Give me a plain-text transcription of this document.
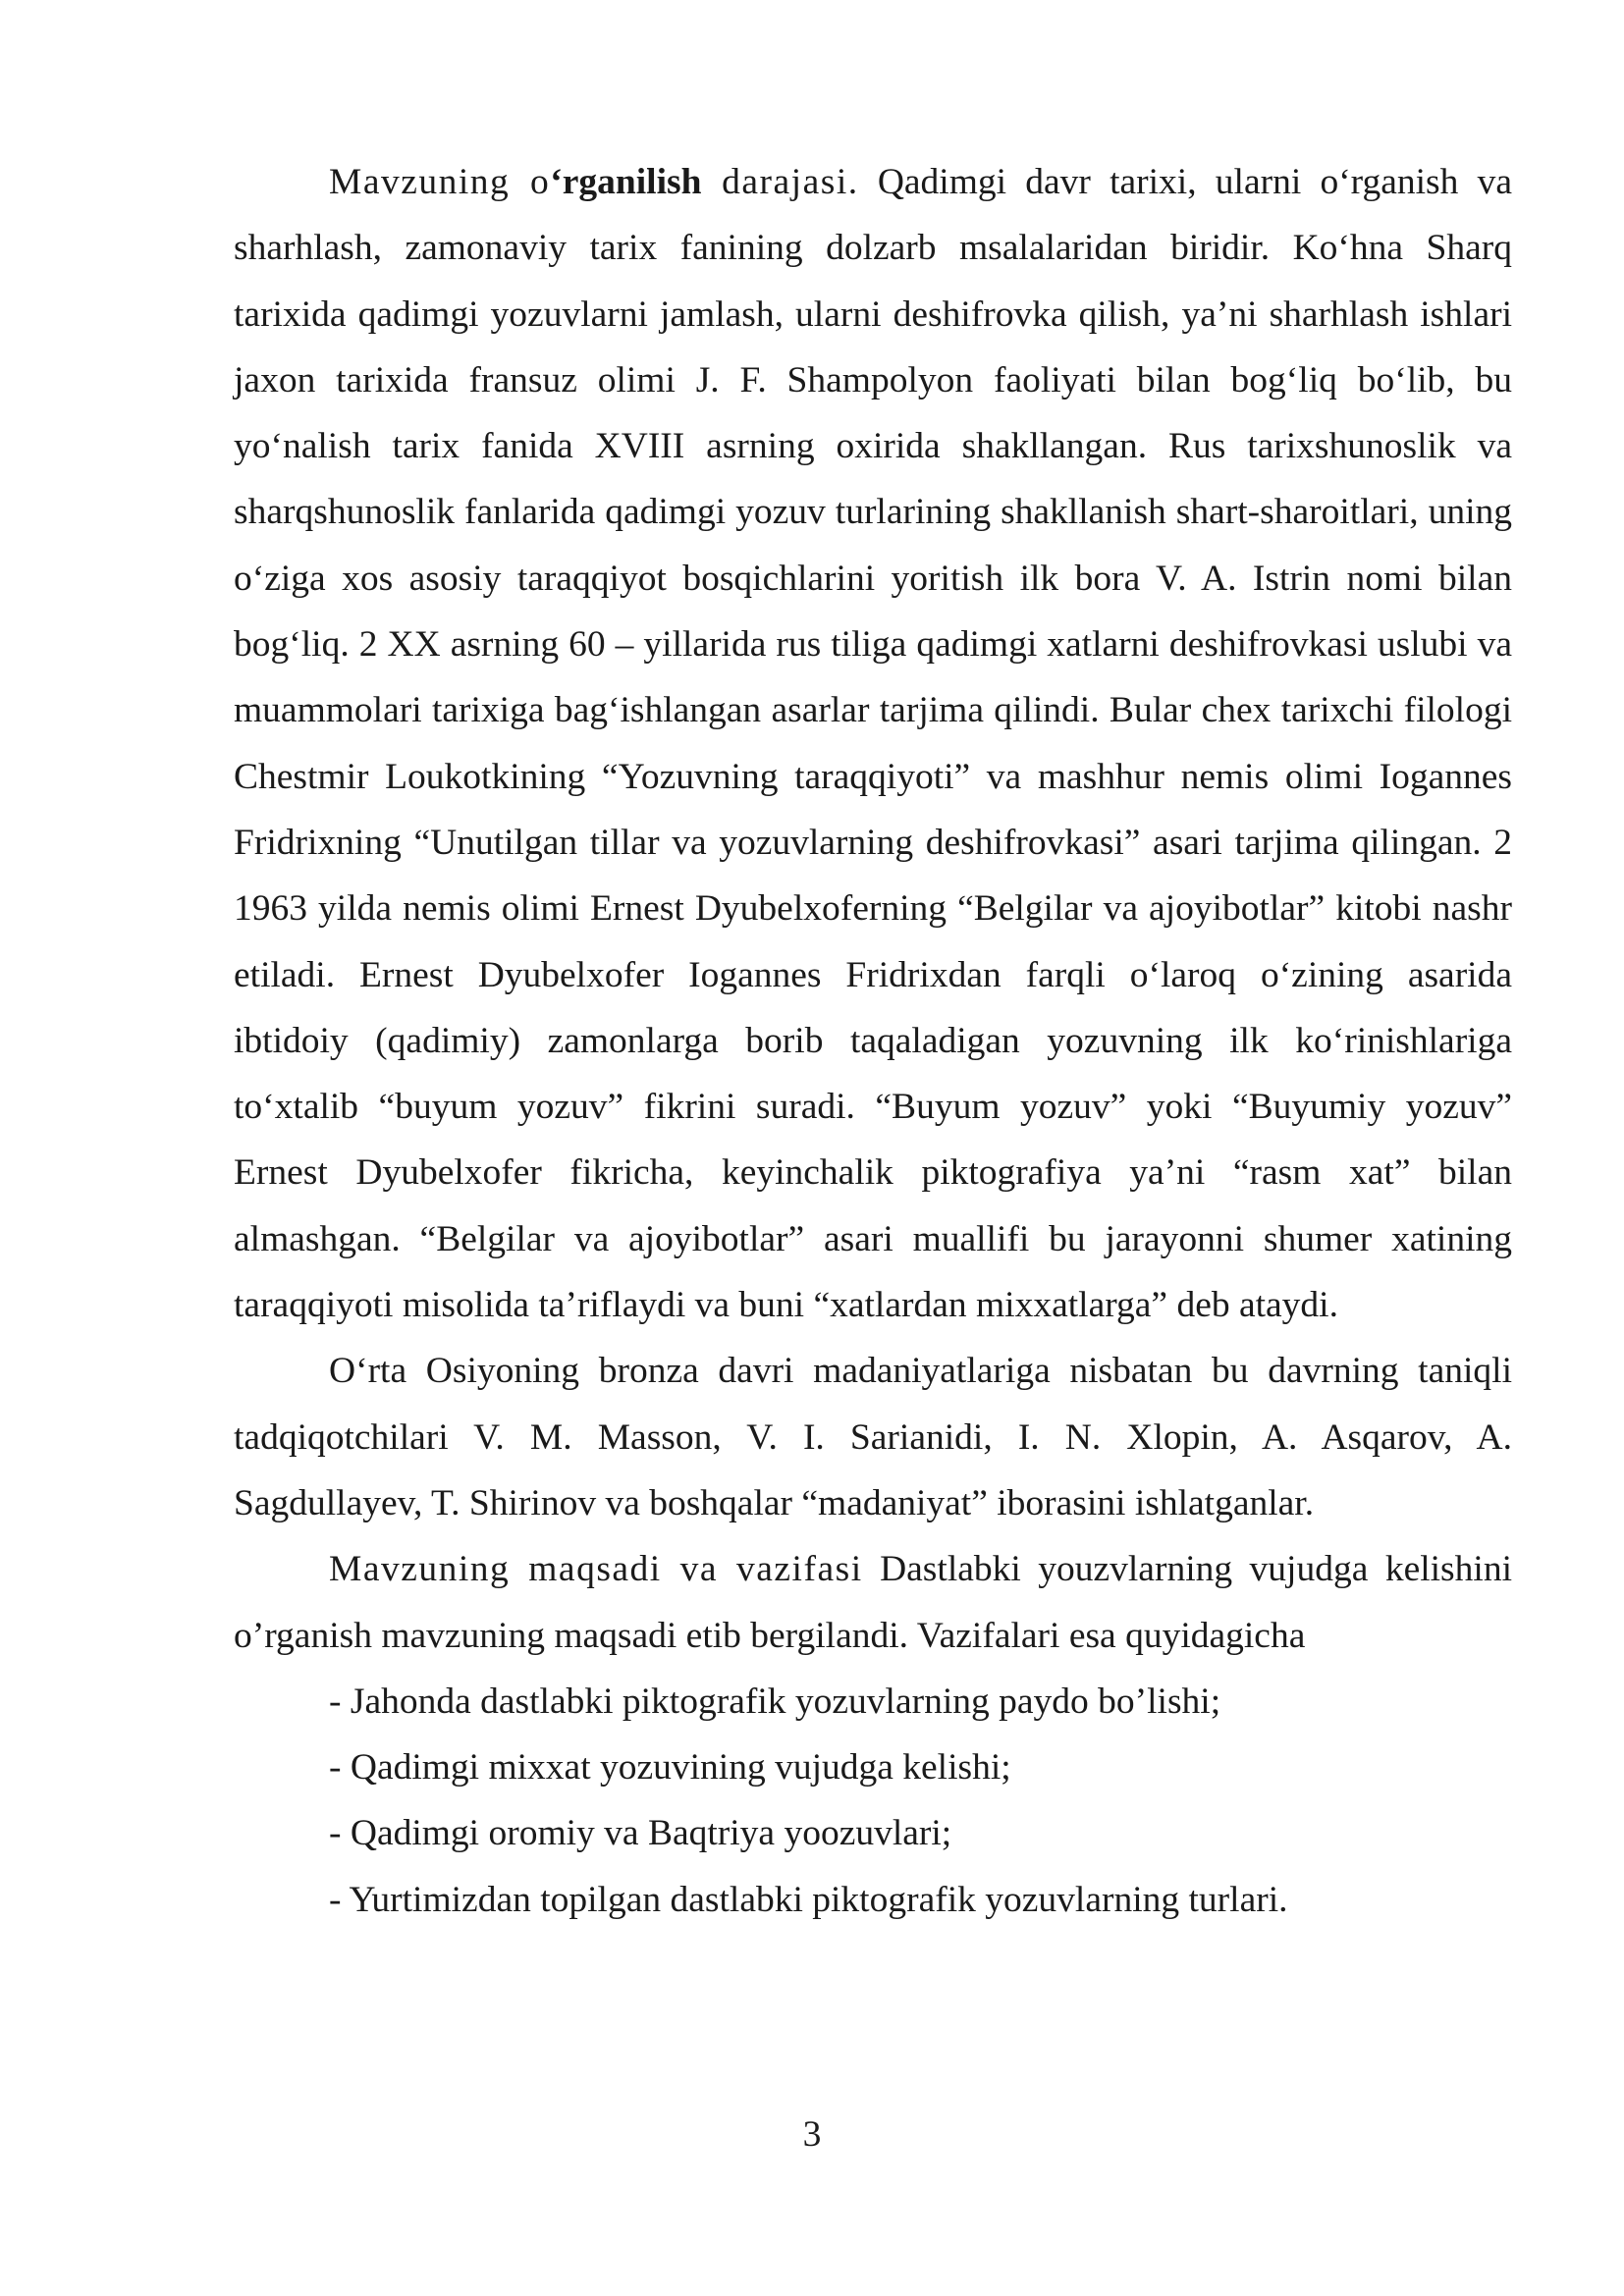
Mavzuning o‘rganilish darajasi. Qadimgi davr tarixi, ularni o‘rganish va sharhlash, zamonaviy tarix fanining dolzarb msalalaridan biridir. Ko‘hna Sharq tarixida qadimgi yozuvlarni jamlash, ularni deshifrovka qilish, ya’ni sharhlash ishlari jaxon tarixida fransuz olimi J. F. Shampolyon faoliyati bilan bog‘liq bo‘lib, bu yo‘nalish tarix fanida XVIII asrning oxirida shakllangan. Rus tarixshunoslik va sharqshunoslik fanlarida qadimgi yozuv turlarining shakllanish shart-sharoitlari, uning o‘ziga xos asosiy taraqqiyot bosqichlarini yoritish ilk bora V. A. Istrin nomi bilan bog‘liq. 2 XX asrning 60 – yillarida rus tiliga qadimgi xatlarni deshifrovkasi uslubi va muammolari tarixiga bag‘ishlangan asarlar tarjima qilindi. Bular chex tarixchi filologi Chestmir Loukotkining “Yozuvning taraqqiyoti” va mashhur nemis olimi Iogannes Fridrixning “Unutilgan tillar va yozuvlarning deshifrovkasi” asari tarjima qilingan. 2 1963 yilda nemis olimi Ernest Dyubelxoferning “Belgilar va ajoyibotlar” kitobi nashr etiladi. Ernest Dyubelxofer Iogannes Fridrixdan farqli o‘laroq o‘zining asarida ibtidoiy (qadimiy) zamonlarga borib taqaladigan yozuvning ilk ko‘rinishlariga to‘xtalib “buyum yozuv” fikrini suradi. “Buyum yozuv” yoki “Buyumiy yozuv” Ernest Dyubelxofer fikricha, keyinchalik piktografiya ya’ni “rasm xat” bilan almashgan. “Belgilar va ajoyibotlar” asari muallifi bu jarayonni shumer xatining taraqqiyoti misolida ta’riflaydi va buni “xatlardan mixxatlarga” deb ataydi.

O‘rta Osiyoning bronza davri madaniyatlariga nisbatan bu davrning taniqli tadqiqotchilari V. M. Masson, V. I. Sarianidi, I. N. Xlopin, A. Asqarov, A. Sagdullayev, T. Shirinov va boshqalar “madaniyat” iborasini ishlatganlar.

Mavzuning maqsadi va vazifasi Dastlabki youzvlarning vujudga kelishini o’rganish mavzuning maqsadi etib bergilandi. Vazifalari esa quyidagicha

- Jahonda dastlabki piktografik yozuvlarning paydo bo’lishi;
- Qadimgi mixxat yozuvining vujudga kelishi;
- Qadimgi oromiy va Baqtriya yoozuvlari;
- Yurtimizdan topilgan dastlabki piktografik yozuvlarning turlari.
3
